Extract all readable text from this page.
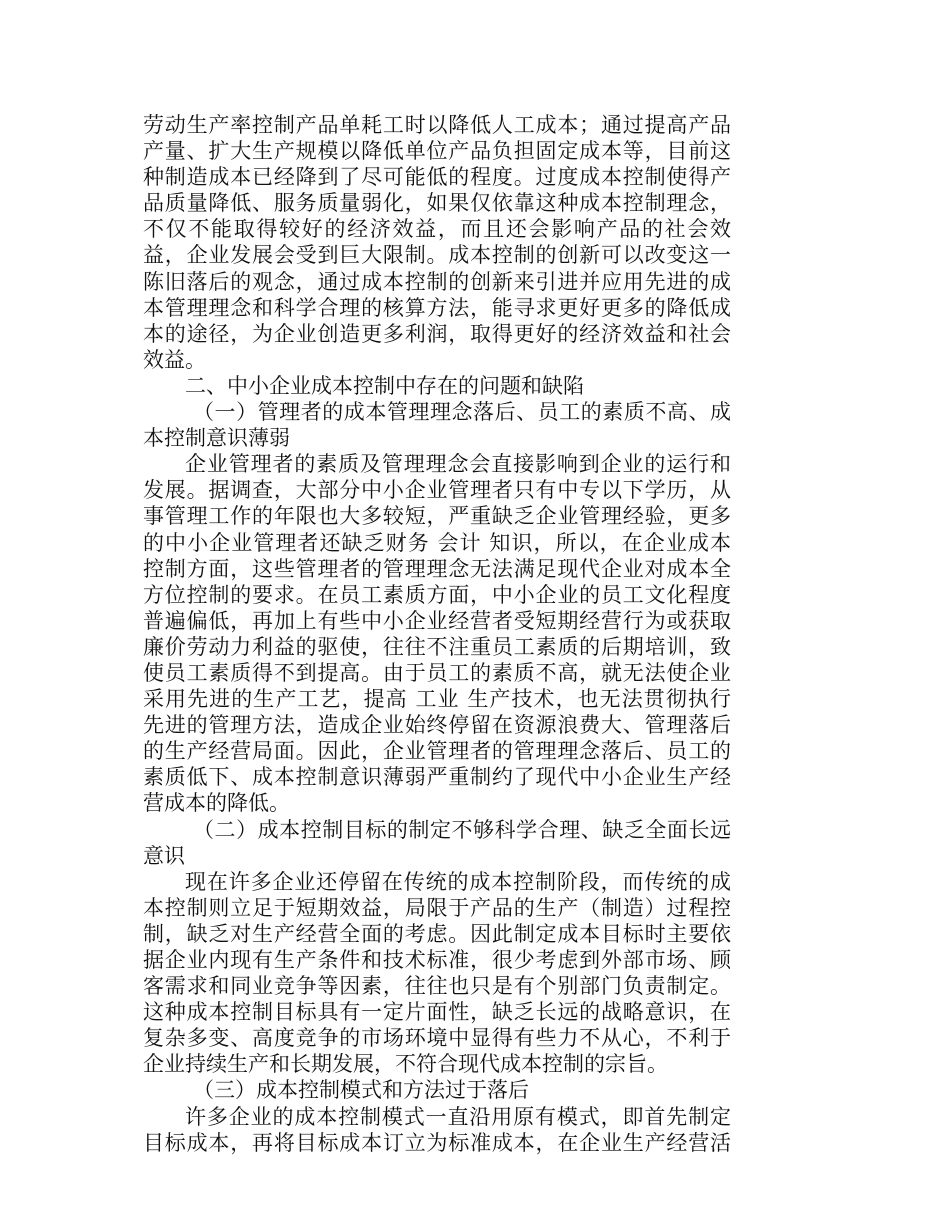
劳动生产率控制产品单耗工时以降低人工成本；通过提高产品
产量、扩大生产规模以降低单位产品负担固定成本等，目前这
种制造成本已经降到了尽可能低的程度。过度成本控制使得产
品质量降低、服务质量弱化，如果仅依靠这种成本控制理念，
不仅不能取得较好的经济效益，而且还会影响产品的社会效
益，企业发展会受到巨大限制。成本控制的创新可以改变这一
陈旧落后的观念，通过成本控制的创新来引进并应用先进的成
本管理理念和科学合理的核算方法，能寻求更好更多的降低成
本的途径，为企业创造更多利润，取得更好的经济效益和社会
效益。
二、中小企业成本控制中存在的问题和缺陷
（一）管理者的成本管理理念落后、员工的素质不高、成
本控制意识薄弱
企业管理者的素质及管理理念会直接影响到企业的运行和
发展。据调查，大部分中小企业管理者只有中专以下学历，从
事管理工作的年限也大多较短，严重缺乏企业管理经验，更多
的中小企业管理者还缺乏财务 会计 知识，所以，在企业成本
控制方面，这些管理者的管理理念无法满足现代企业对成本全
方位控制的要求。在员工素质方面，中小企业的员工文化程度
普遍偏低，再加上有些中小企业经营者受短期经营行为或获取
廉价劳动力利益的驱使，往往不注重员工素质的后期培训，致
使员工素质得不到提高。由于员工的素质不高，就无法使企业
采用先进的生产工艺，提高 工业 生产技术，也无法贯彻执行
先进的管理方法，造成企业始终停留在资源浪费大、管理落后
的生产经营局面。因此，企业管理者的管理理念落后、员工的
素质低下、成本控制意识薄弱严重制约了现代中小企业生产经
营成本的降低。
（二）成本控制目标的制定不够科学合理、缺乏全面长远
意识
现在许多企业还停留在传统的成本控制阶段，而传统的成
本控制则立足于短期效益，局限于产品的生产（制造）过程控
制，缺乏对生产经营全面的考虑。因此制定成本目标时主要依
据企业内现有生产条件和技术标准，很少考虑到外部市场、顾
客需求和同业竞争等因素，往往也只是有个别部门负责制定。
这种成本控制目标具有一定片面性，缺乏长远的战略意识，在
复杂多变、高度竞争的市场环境中显得有些力不从心，不利于
企业持续生产和长期发展，不符合现代成本控制的宗旨。
（三）成本控制模式和方法过于落后
许多企业的成本控制模式一直沿用原有模式，即首先制定
目标成本，再将目标成本订立为标准成本，在企业生产经营活
